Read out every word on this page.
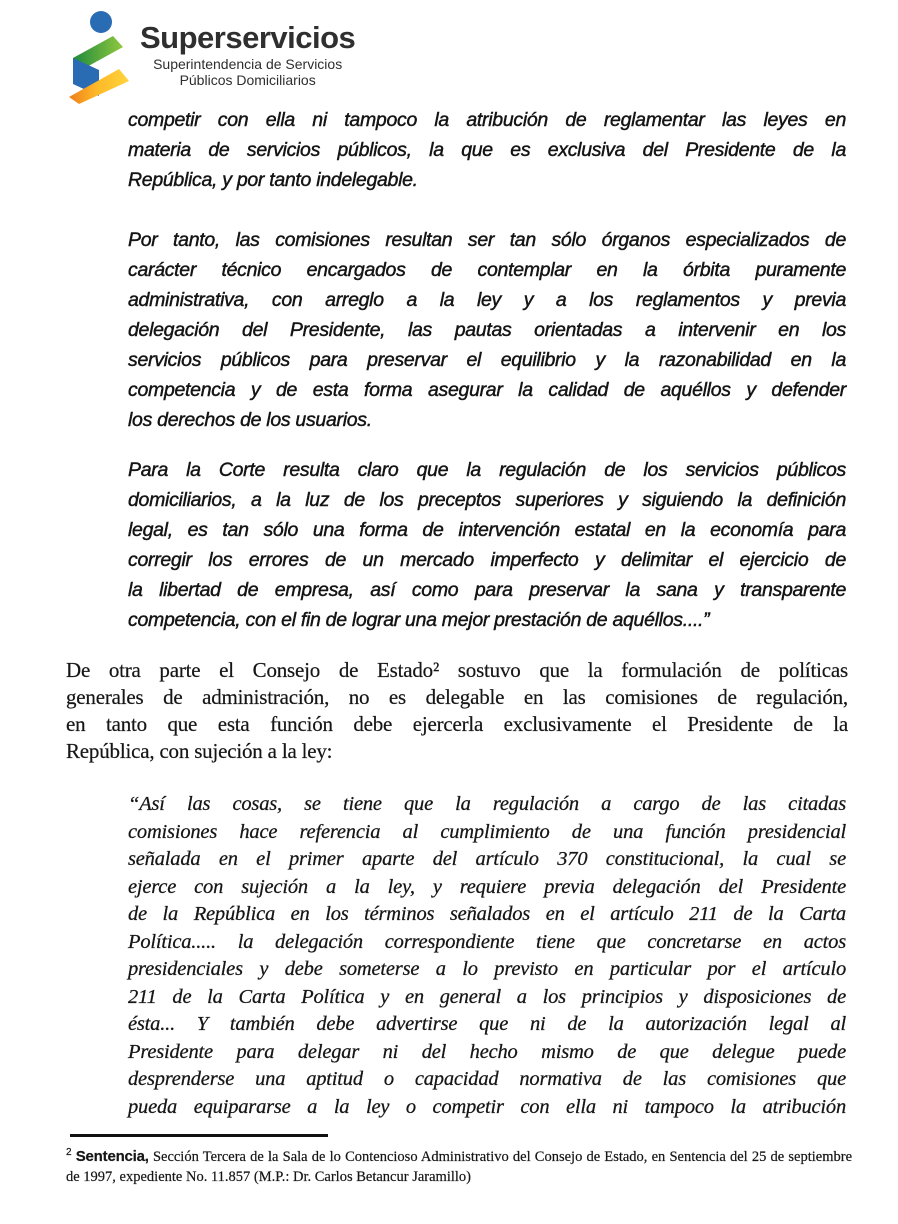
Superservicios
Superintendencia de Servicios
Públicos Domiciliarios
competir con ella ni tampoco la atribución de reglamentar las leyes en
materia de servicios públicos, la que es exclusiva del Presidente de la
República, y por tanto indelegable.
Por tanto, las comisiones resultan ser tan sólo órganos especializados de
carácter técnico encargados de contemplar en la órbita puramente
administrativa, con arreglo a la ley y a los reglamentos y previa
delegación del Presidente, las pautas orientadas a intervenir en los
servicios públicos para preservar el equilibrio y la razonabilidad en la
competencia y de esta forma asegurar la calidad de aquéllos y defender
los derechos de los usuarios.
Para la Corte resulta claro que la regulación de los servicios públicos
domiciliarios, a la luz de los preceptos superiores y siguiendo la definición
legal, es tan sólo una forma de intervención estatal en la economía para
corregir los errores de un mercado imperfecto y delimitar el ejercicio de
la libertad de empresa, así como para preservar la sana y transparente
competencia, con el fin de lograr una mejor prestación de aquéllos....”
De otra parte el Consejo de Estado² sostuvo que la formulación de políticas
generales de administración, no es delegable en las comisiones de regulación,
en tanto que esta función debe ejercerla exclusivamente el Presidente de la
República, con sujeción a la ley:
“Así las cosas, se tiene que la regulación a cargo de las citadas
comisiones hace referencia al cumplimiento de una función presidencial
señalada en el primer aparte del artículo 370 constitucional, la cual se
ejerce con sujeción a la ley, y requiere previa delegación del Presidente
de la República en los términos señalados en el artículo 211 de la Carta
Política..... la delegación correspondiente tiene que concretarse en actos
presidenciales y debe someterse a lo previsto en particular por el artículo
211 de la Carta Política y en general a los principios y disposiciones de
ésta... Y también debe advertirse que ni de la autorización legal al
Presidente para delegar ni del hecho mismo de que delegue puede
desprenderse una aptitud o capacidad normativa de las comisiones que
pueda equipararse a la ley o competir con ella ni tampoco la atribución
$^2$ Sentencia, Sección Tercera de la Sala de lo Contencioso Administrativo del Consejo de Estado, en Sentencia del 25 de septiembre de 1997, expediente No. 11.857 (M.P.: Dr. Carlos Betancur Jaramillo)
